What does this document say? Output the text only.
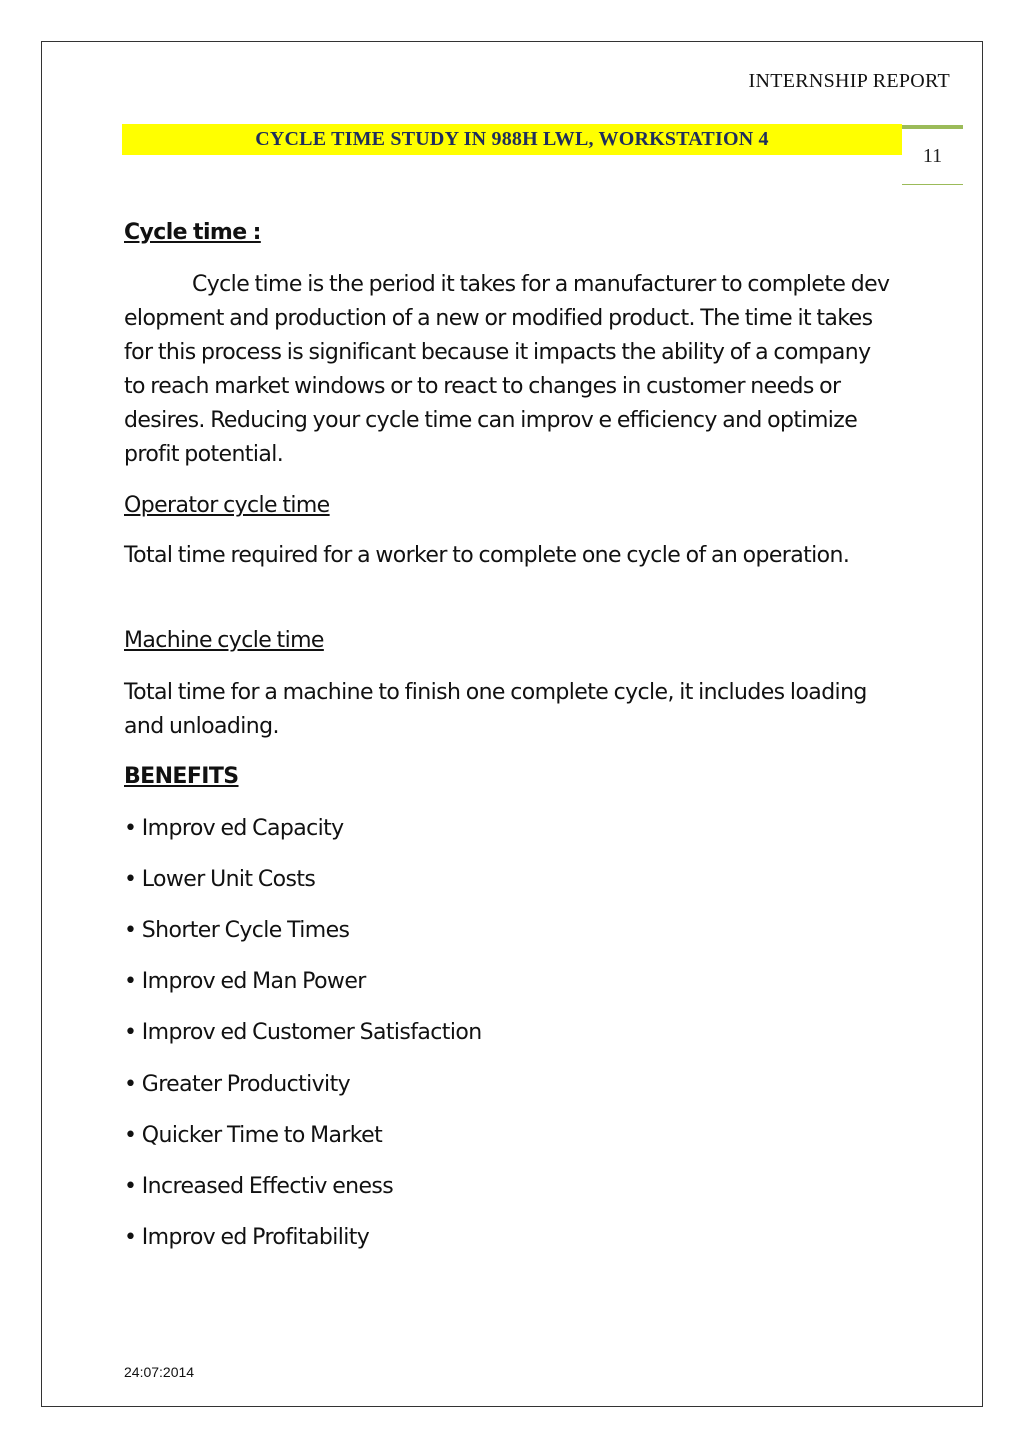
INTERNSHIP REPORT
CYCLE TIME STUDY IN 988H LWL, WORKSTATION 4
11
Cycle time :
Cycle time is the period it takes for a manufacturer to complete dev elopment and production of a new or modified product. The time it takes for this process is significant because it impacts the ability of a company to reach market windows or to react to changes in customer needs or desires. Reducing your cycle time can improv e efficiency and optimize profit potential.
Operator cycle time
Total time required for a worker to complete one cycle of an operation.
Machine cycle time
Total time for a machine to finish one complete cycle, it includes loading and unloading.
BENEFITS
• Improv ed Capacity
• Lower Unit Costs
• Shorter Cycle Times
• Improv ed Man Power
• Improv ed Customer Satisfaction
• Greater Productivity
• Quicker Time to Market
• Increased Effectiv eness
• Improv ed Profitability
24:07:2014
